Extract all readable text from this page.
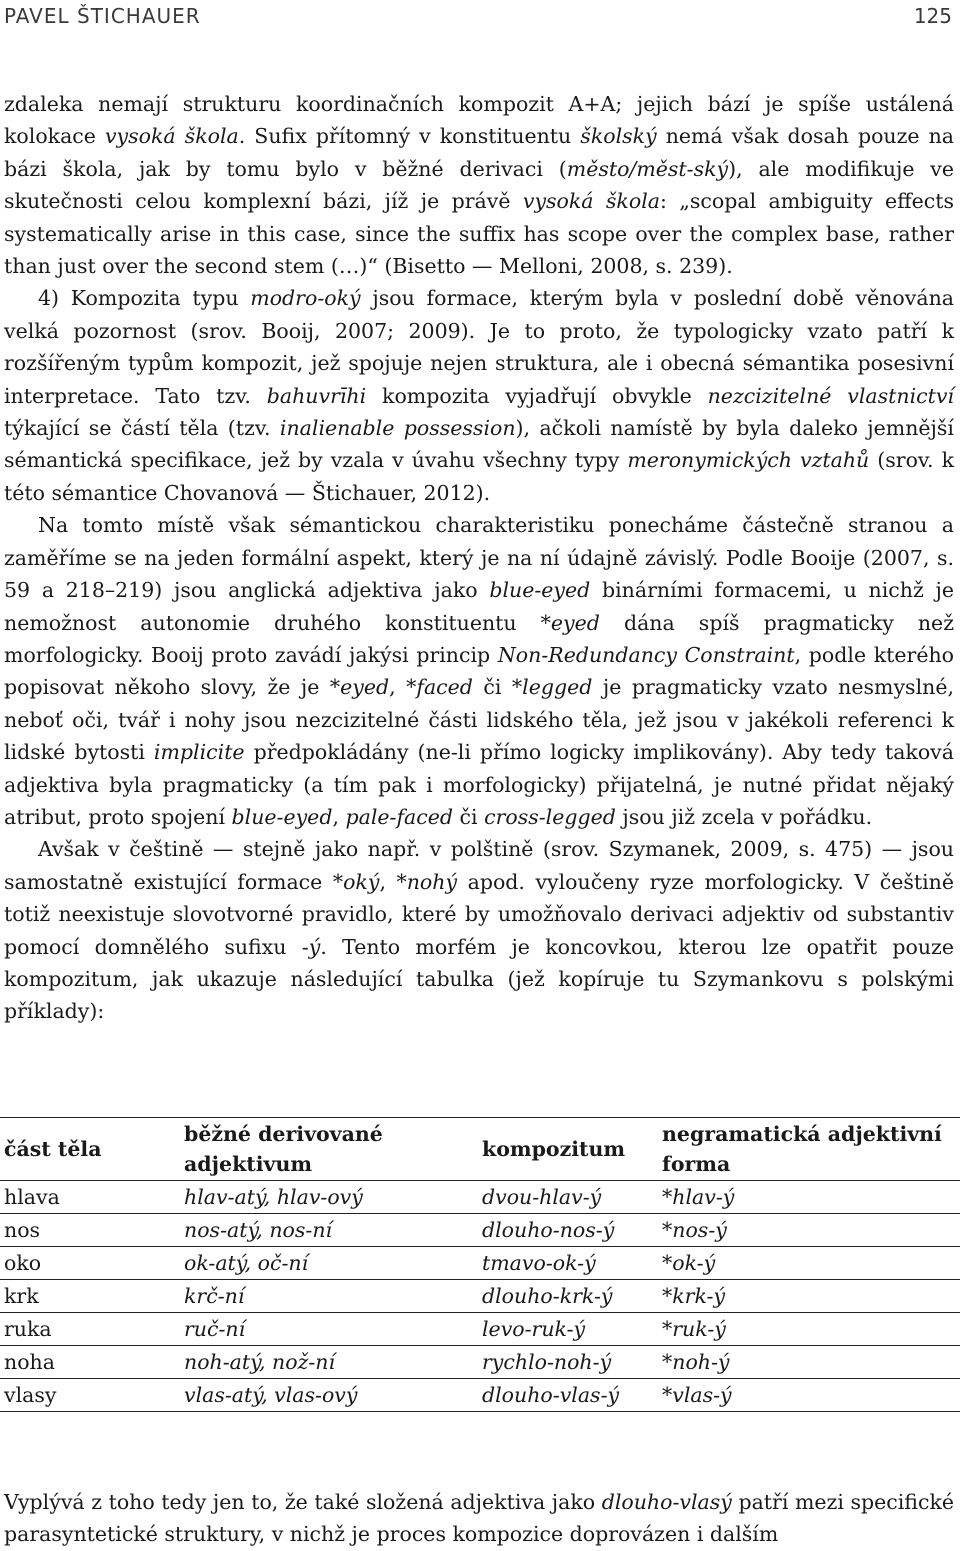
PAVEL ŠTICHAUER	125

zdaleka nemají strukturu koordinačních kompozit A+A; jejich bází je spíše ustálená kolokace vysoká škola. Sufix přítomný v konstituentu školský nemá však dosah pouze na bázi škola, jak by tomu bylo v běžné derivaci (město/měst-ský), ale modifikuje ve skutečnosti celou komplexní bázi, jíž je právě vysoká škola: „scopal ambiguity effects systematically arise in this case, since the suffix has scope over the complex base, rather than just over the second stem (…)“ (Bisetto — Melloni, 2008, s. 239).

4) Kompozita typu modro-oký jsou formace, kterým byla v poslední době věnována velká pozornost (srov. Booij, 2007; 2009). Je to proto, že typologicky vzato patří k rozšířeným typům kompozit, jež spojuje nejen struktura, ale i obecná sémantika posesivní interpretace. Tato tzv. bahuvrīhi kompozita vyjadřují obvykle nezcizitelné vlastnictví týkající se částí těla (tzv. inalienable possession), ačkoli namístě by byla daleko jemnější sémantická specifikace, jež by vzala v úvahu všechny typy meronymických vztahů (srov. k této sémantice Chovanová — Štichauer, 2012).

Na tomto místě však sémantickou charakteristiku ponecháme částečně stranou a zaměříme se na jeden formální aspekt, který je na ní údajně závislý. Podle Booije (2007, s. 59 a 218–219) jsou anglická adjektiva jako blue-eyed binárními formacemi, u nichž je nemožnost autonomie druhého konstituentu *eyed dána spíš pragmaticky než morfologicky. Booij proto zavádí jakýsi princip Non-Redundancy Constraint, podle kterého popisovat někoho slovy, že je *eyed, *faced či *legged je pragmaticky vzato nesmyslné, neboť oči, tvář i nohy jsou nezcizitelné části lidského těla, jež jsou v jakékoli referenci k lidské bytosti implicite předpokládány (ne-li přímo logicky implikovány). Aby tedy taková adjektiva byla pragmaticky (a tím pak i morfologicky) přijatelná, je nutné přidat nějaký atribut, proto spojení blue-eyed, pale-faced či cross-legged jsou již zcela v pořádku.

Avšak v češtině — stejně jako např. v polštině (srov. Szymanek, 2009, s. 475) — jsou samostatně existující formace *oký, *nohý apod. vyloučeny ryze morfologicky. V češtině totiž neexistuje slovotvorné pravidlo, které by umožňovalo derivaci adjektiv od substantiv pomocí domnělého sufixu -ý. Tento morfém je koncovkou, kterou lze opatřit pouze kompozitum, jak ukazuje následující tabulka (jež kopíruje tu Szymankovu s polskými příklady):

část těla	běžné derivované adjektivum	kompozitum	negramatická adjektivní forma
hlava	hlav-atý, hlav-ový	dvou-hlav-ý	*hlav-ý
nos	nos-atý, nos-ní	dlouho-nos-ý	*nos-ý
oko	ok-atý, oč-ní	tmavo-ok-ý	*ok-ý
krk	krč-ní	dlouho-krk-ý	*krk-ý
ruka	ruč-ní	levo-ruk-ý	*ruk-ý
noha	noh-atý, nož-ní	rychlo-noh-ý	*noh-ý
vlasy	vlas-atý, vlas-ový	dlouho-vlas-ý	*vlas-ý

Vyplývá z toho tedy jen to, že také složená adjektiva jako dlouho-vlasý patří mezi specifické parasyntetické struktury, v nichž je proces kompozice doprovázen i dalším
